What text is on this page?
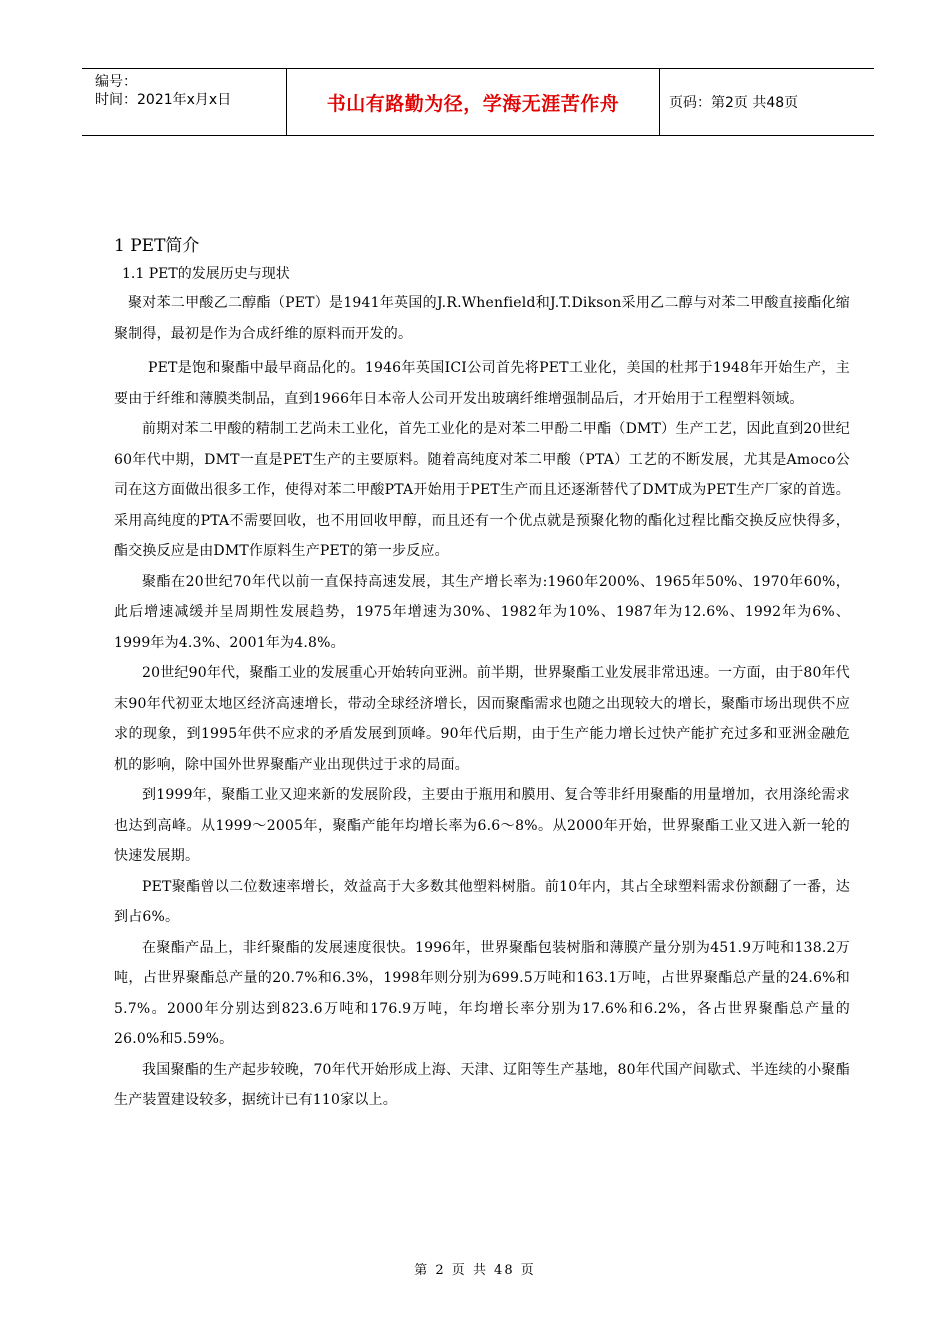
编号：
时间：2021年x月x日	书山有路勤为径，学海无涯苦作舟	页码：第2页 共48页
1 PET简介
1.1 PET的发展历史与现状

聚对苯二甲酸乙二醇酯（PET）是1941年英国的J.R.Whenfield和J.T.Dikson采用乙二醇与对苯二甲酸直接酯化缩聚制得，最初是作为合成纤维的原料而开发的。

PET是饱和聚酯中最早商品化的。1946年英国ICI公司首先将PET工业化，美国的杜邦于1948年开始生产，主要由于纤维和薄膜类制品，直到1966年日本帝人公司开发出玻璃纤维增强制品后，才开始用于工程塑料领域。

前期对苯二甲酸的精制工艺尚未工业化，首先工业化的是对苯二甲酚二甲酯（DMT）生产工艺，因此直到20世纪60年代中期，DMT一直是PET生产的主要原料。随着高纯度对苯二甲酸（PTA）工艺的不断发展，尤其是Amoco公司在这方面做出很多工作，使得对苯二甲酸PTA开始用于PET生产而且还逐渐替代了DMT成为PET生产厂家的首选。采用高纯度的PTA不需要回收，也不用回收甲醇，而且还有一个优点就是预聚化物的酯化过程比酯交换反应快得多，酯交换反应是由DMT作原料生产PET的第一步反应。

聚酯在20世纪70年代以前一直保持高速发展，其生产增长率为:1960年200%、1965年50%、1970年60%，此后增速减缓并呈周期性发展趋势，1975年增速为30%、1982年为10%、1987年为12.6%、1992年为6%、1999年为4.3%、2001年为4.8%。

20世纪90年代，聚酯工业的发展重心开始转向亚洲。前半期，世界聚酯工业发展非常迅速。一方面，由于80年代末90年代初亚太地区经济高速增长，带动全球经济增长，因而聚酯需求也随之出现较大的增长，聚酯市场出现供不应求的现象，到1995年供不应求的矛盾发展到顶峰。90年代后期，由于生产能力增长过快产能扩充过多和亚洲金融危机的影响，除中国外世界聚酯产业出现供过于求的局面。

到1999年，聚酯工业又迎来新的发展阶段，主要由于瓶用和膜用、复合等非纤用聚酯的用量增加，衣用涤纶需求也达到高峰。从1999～2005年，聚酯产能年均增长率为6.6～8%。从2000年开始，世界聚酯工业又进入新一轮的快速发展期。

PET聚酯曾以二位数速率增长，效益高于大多数其他塑料树脂。前10年内，其占全球塑料需求份额翻了一番，达到占6%。

在聚酯产品上，非纤聚酯的发展速度很快。1996年，世界聚酯包装树脂和薄膜产量分别为451.9万吨和138.2万吨，占世界聚酯总产量的20.7%和6.3%，1998年则分别为699.5万吨和163.1万吨，占世界聚酯总产量的24.6%和5.7%。2000年分别达到823.6万吨和176.9万吨，年均增长率分别为17.6%和6.2%，各占世界聚酯总产量的26.0%和5.59%。

我国聚酯的生产起步较晚，70年代开始形成上海、天津、辽阳等生产基地，80年代国产间歇式、半连续的小聚酯生产装置建设较多，据统计已有110家以上。

第 2 页 共 48 页
